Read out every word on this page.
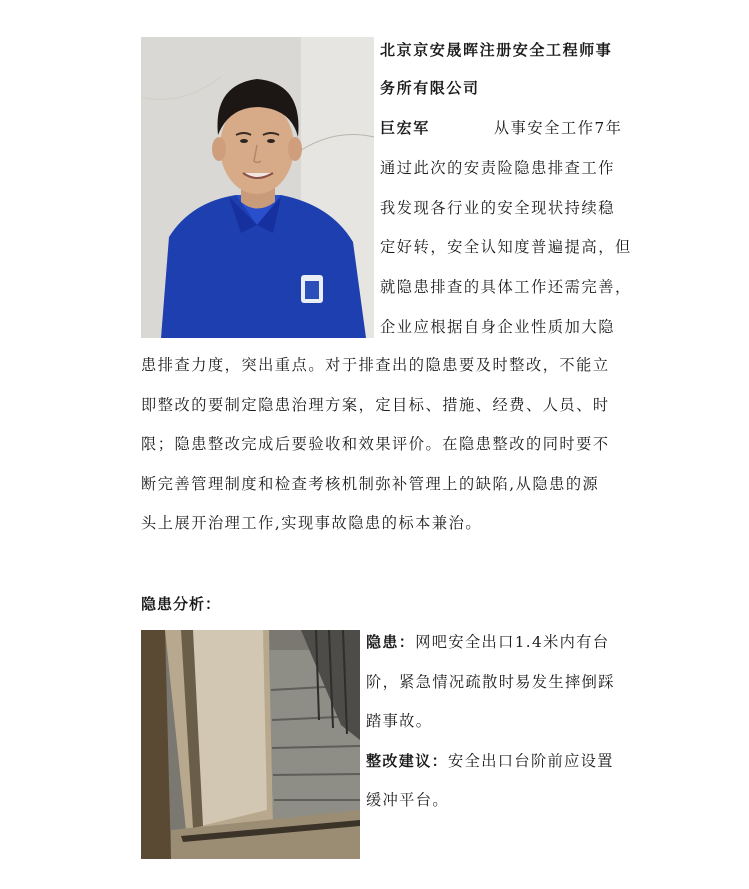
北京京安晟晖注册安全工程师事
务所有限公司
巨宏军	从事安全工作7年
通过此次的安责险隐患排查工作
我发现各行业的安全现状持续稳
定好转，安全认知度普遍提高，但
就隐患排查的具体工作还需完善，
企业应根据自身企业性质加大隐
患排查力度，突出重点。对于排查出的隐患要及时整改，不能立
即整改的要制定隐患治理方案，定目标、措施、经费、人员、时
限；隐患整改完成后要验收和效果评价。在隐患整改的同时要不
断完善管理制度和检查考核机制弥补管理上的缺陷,从隐患的源
头上展开治理工作,实现事故隐患的标本兼治。
隐患分析：
隐患：网吧安全出口1.4米内有台
阶，紧急情况疏散时易发生摔倒踩
踏事故。
整改建议：安全出口台阶前应设置
缓冲平台。
